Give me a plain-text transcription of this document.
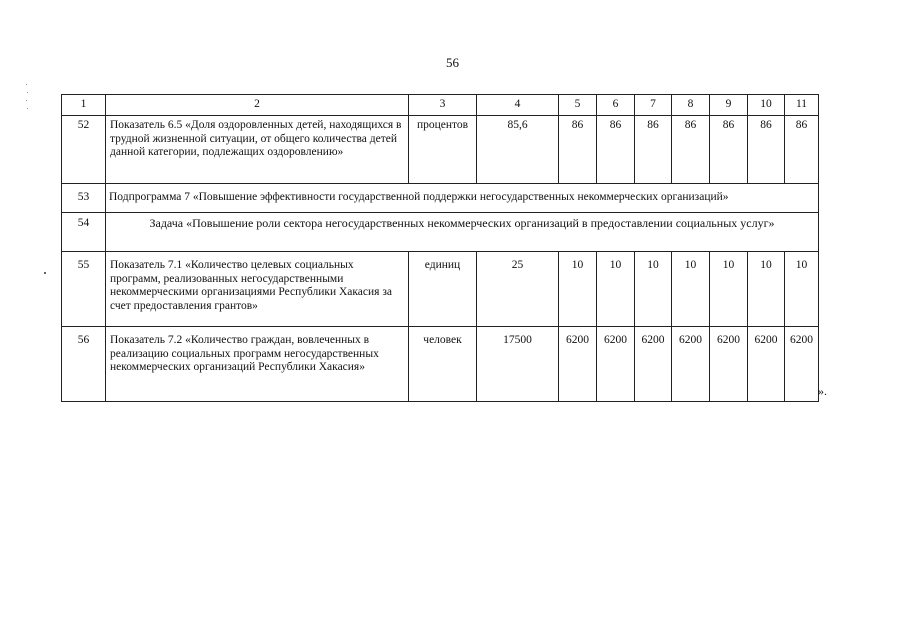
56
1	2	3	4	5	6	7	8	9	10	11
52	Показатель 6.5 «Доля оздоровленных детей, находящихся в трудной жизненной ситуации, от общего количества детей данной категории, подлежащих оздоровлению»	процентов	85,6	86	86	86	86	86	86	86
53	Подпрограмма 7 «Повышение эффективности государственной поддержки негосударственных некоммерческих организаций»									
54	Задача «Повышение роли сектора негосударственных некоммерческих организаций в предоставлении социальных услуг»									
55	Показатель 7.1 «Количество целевых социальных программ, реализованных негосударственными некоммерческими организациями Республики Хакасия за счет предоставления грантов»	единиц	25	10	10	10	10	10	10	10
56	Показатель 7.2 «Количество граждан, вовлеченных в реализацию социальных программ негосударственных некоммерческих организаций Республики Хакасия»	человек	17500	6200	6200	6200	6200	6200	6200	6200
».
